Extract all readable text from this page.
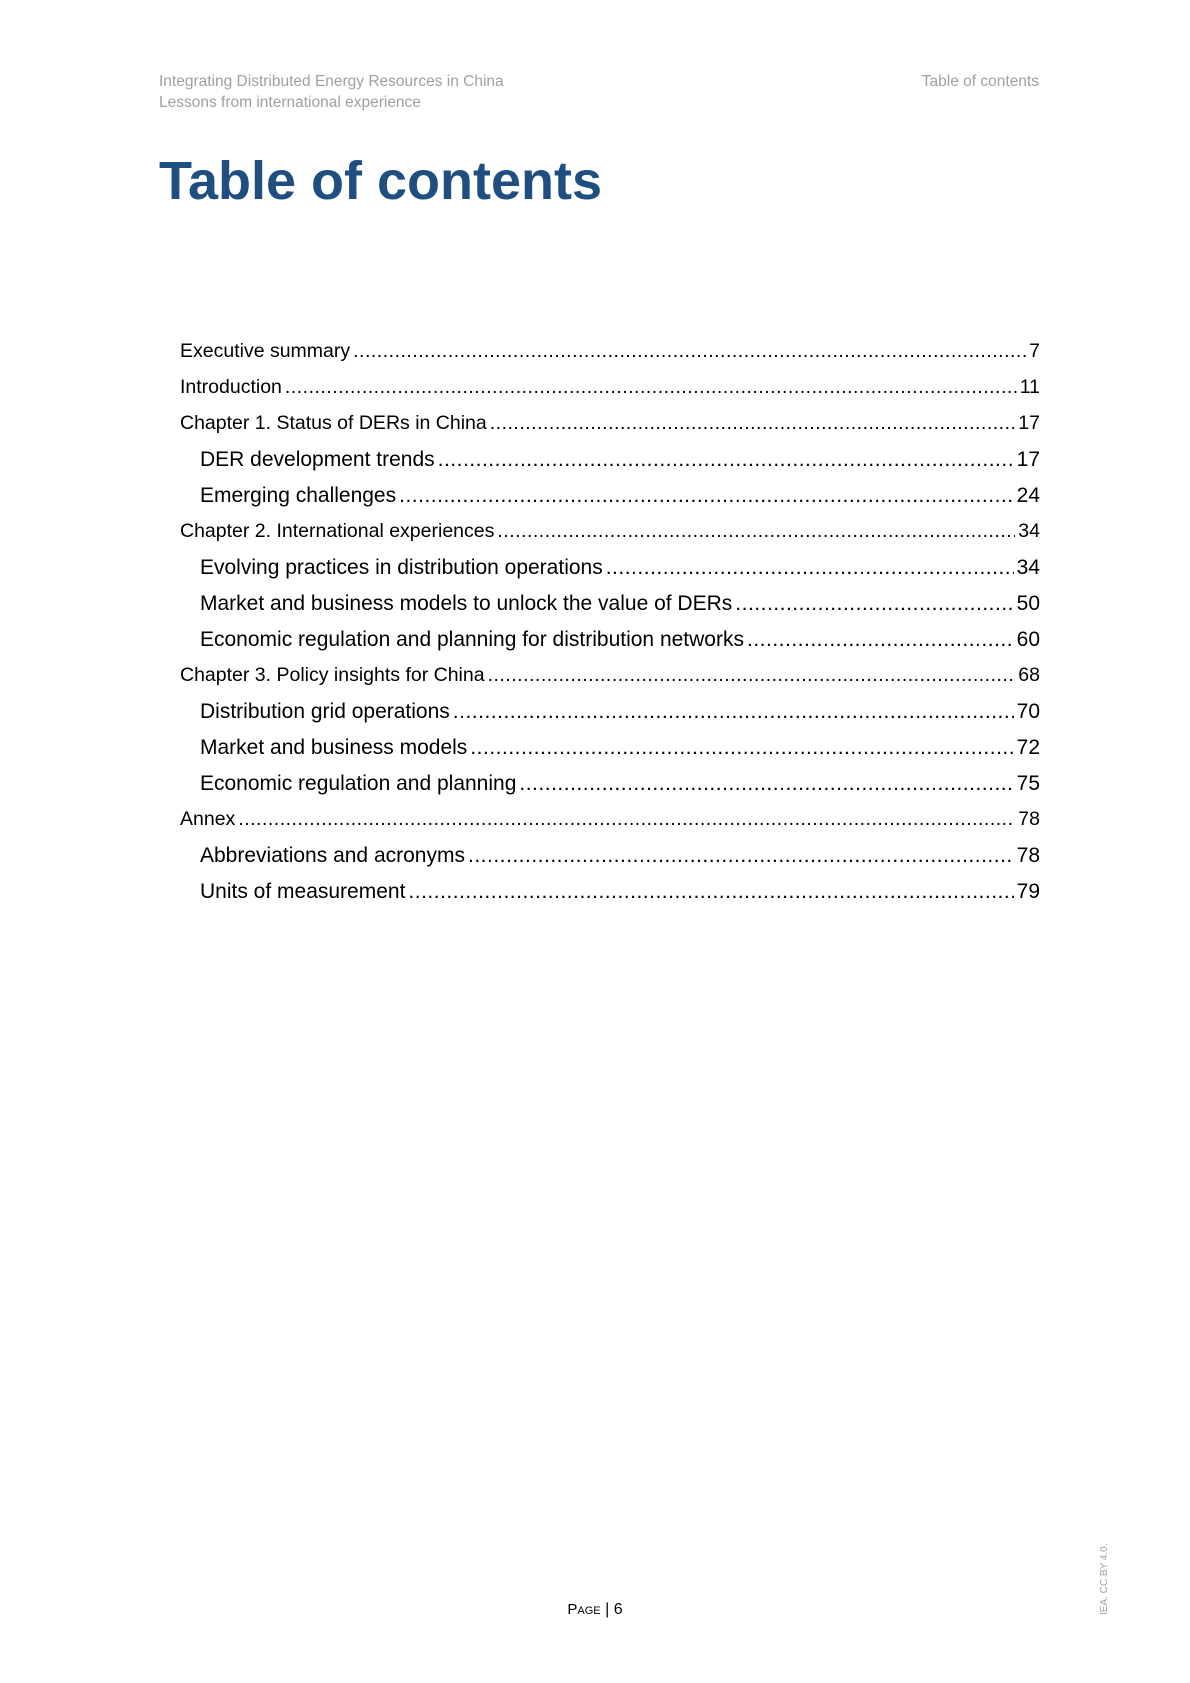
Integrating Distributed Energy Resources in China
Lessons from international experience
Table of contents
Table of contents
Executive summary .....	7
Introduction .....	11
Chapter 1. Status of DERs in China .....	17
DER development trends .....	17
Emerging challenges .....	24
Chapter 2. International experiences .....	34
Evolving practices in distribution operations .....	34
Market and business models to unlock the value of DERs .....	50
Economic regulation and planning for distribution networks .....	60
Chapter 3. Policy insights for China .....	68
Distribution grid operations .....	70
Market and business models .....	72
Economic regulation and planning .....	75
Annex .....	78
Abbreviations and acronyms .....	78
Units of measurement .....	79
Page | 6	IEA. CC BY 4.0.
